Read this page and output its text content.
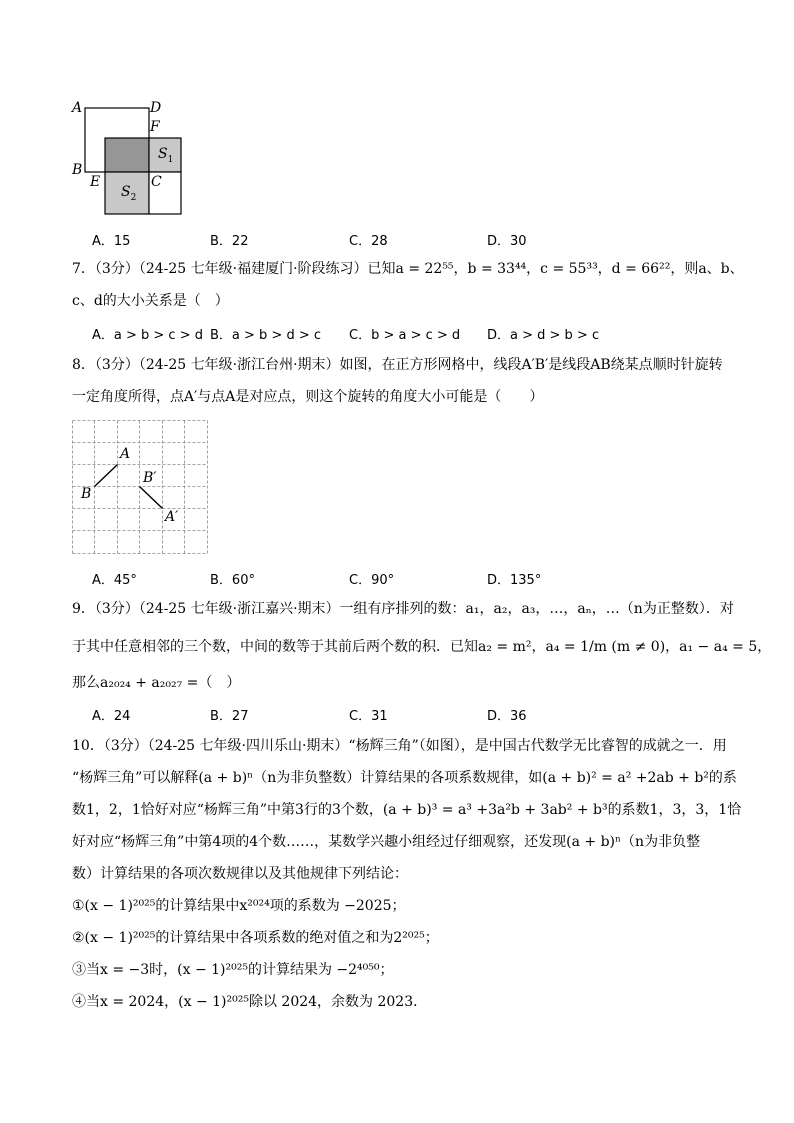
A	D
F
B
E	C
$S_1$
$S_2$
A．15	B．22	C．28	D．30
7．（3分）（24-25 七年级·福建厦门·阶段练习）已知a = 22⁵⁵，b = 33⁴⁴，c = 55³³，d = 66²²，则a、b、
c、d的大小关系是（　）
A．a > b > c > d B．a > b > d > c C．b > a > c > d D．a > d > b > c
8．（3分）（24-25 七年级·浙江台州·期末）如图，在正方形网格中，线段A′B′是线段AB绕某点顺时针旋转
一定角度所得，点A′与点A是对应点，则这个旋转的角度大小可能是（　　）
A
B
B′
A′
A．45°	B．60°	C．90°	D．135°
9．（3分）（24-25 七年级·浙江嘉兴·期末）一组有序排列的数：a₁，a₂，a₃，…，aₙ，…（n为正整数）．对
于其中任意相邻的三个数，中间的数等于其前后两个数的积．已知a₂ = m²，a₄ = 1/m (m ≠ 0)，a₁ − a₄ = 5，
那么a₂₀₂₄ + a₂₀₂₇ =（　）
A．24	B．27	C．31	D．36
10．（3分）（24-25 七年级·四川乐山·期末）“杨辉三角”（如图），是中国古代数学无比睿智的成就之一．用
“杨辉三角”可以解释(a + b)ⁿ（n为非负整数）计算结果的各项系数规律，如(a + b)² = a² +2ab + b²的系
数1，2，1恰好对应“杨辉三角”中第3行的3个数，(a + b)³ = a³ +3a²b + 3ab² + b³的系数1，3，3，1恰
好对应“杨辉三角”中第4项的4个数……，某数学兴趣小组经过仔细观察，还发现(a + b)ⁿ（n为非负整
数）计算结果的各项次数规律以及其他规律下列结论：
①(x − 1)²⁰²⁵的计算结果中x²⁰²⁴项的系数为 −2025；
②(x − 1)²⁰²⁵的计算结果中各项系数的绝对值之和为2²⁰²⁵；
③当x = −3时，(x − 1)²⁰²⁵的计算结果为 −2⁴⁰⁵⁰；
④当x = 2024，(x − 1)²⁰²⁵除以 2024，余数为 2023．
